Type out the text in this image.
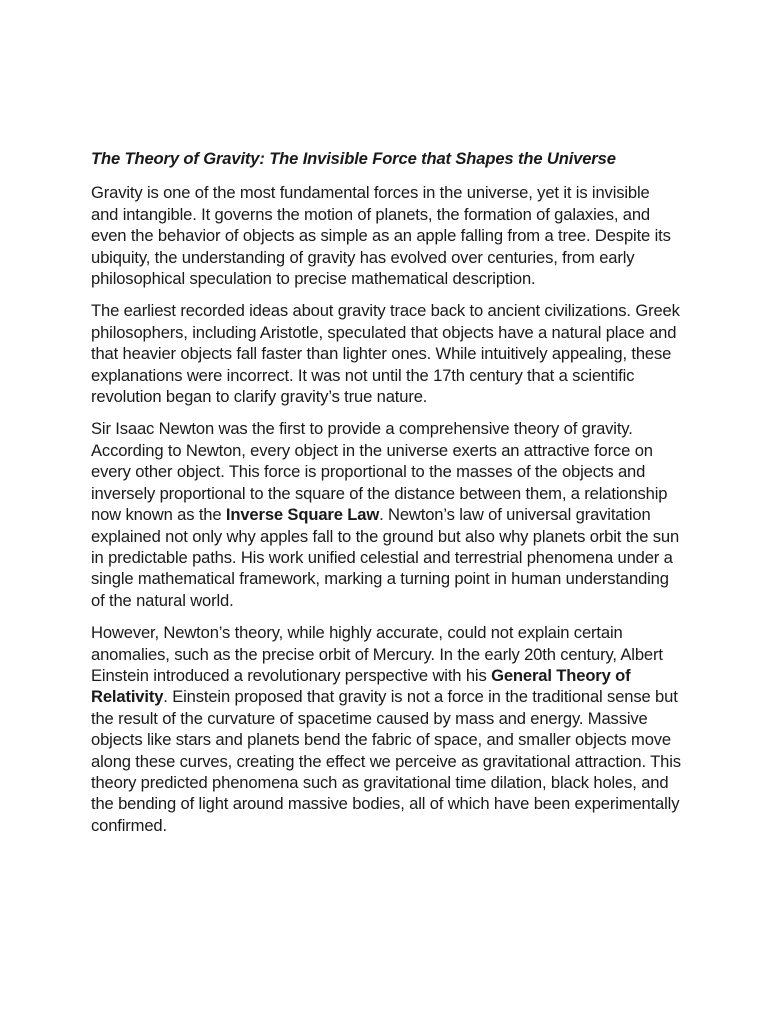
The Theory of Gravity: The Invisible Force that Shapes the Universe

Gravity is one of the most fundamental forces in the universe, yet it is invisible and intangible. It governs the motion of planets, the formation of galaxies, and even the behavior of objects as simple as an apple falling from a tree. Despite its ubiquity, the understanding of gravity has evolved over centuries, from early philosophical speculation to precise mathematical description.

The earliest recorded ideas about gravity trace back to ancient civilizations. Greek philosophers, including Aristotle, speculated that objects have a natural place and that heavier objects fall faster than lighter ones. While intuitively appealing, these explanations were incorrect. It was not until the 17th century that a scientific revolution began to clarify gravity’s true nature.

Sir Isaac Newton was the first to provide a comprehensive theory of gravity. According to Newton, every object in the universe exerts an attractive force on every other object. This force is proportional to the masses of the objects and inversely proportional to the square of the distance between them, a relationship now known as the Inverse Square Law. Newton’s law of universal gravitation explained not only why apples fall to the ground but also why planets orbit the sun in predictable paths. His work unified celestial and terrestrial phenomena under a single mathematical framework, marking a turning point in human understanding of the natural world.

However, Newton’s theory, while highly accurate, could not explain certain anomalies, such as the precise orbit of Mercury. In the early 20th century, Albert Einstein introduced a revolutionary perspective with his General Theory of Relativity. Einstein proposed that gravity is not a force in the traditional sense but the result of the curvature of spacetime caused by mass and energy. Massive objects like stars and planets bend the fabric of space, and smaller objects move along these curves, creating the effect we perceive as gravitational attraction. This theory predicted phenomena such as gravitational time dilation, black holes, and the bending of light around massive bodies, all of which have been experimentally confirmed.
